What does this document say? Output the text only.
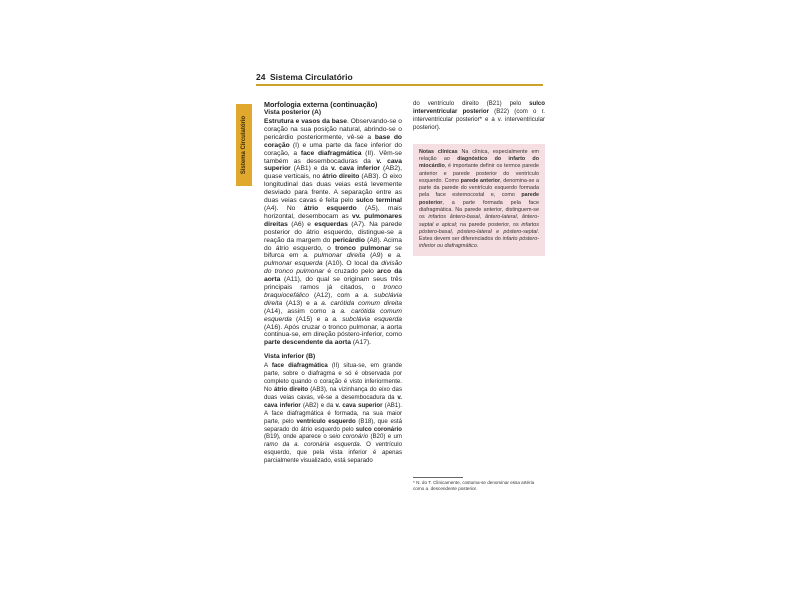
24 Sistema Circulatório
Sistema Circulatório
Morfologia externa (continuação)
Vista posterior (A)

Estrutura e vasos da base. Observando-se o coração na sua posição natural, abrindo-se o pericárdio posteriormente, vê-se a base do coração (I) e uma parte da face inferior do coração, a face diafragmática (II). Vêm-se também as desembocaduras da v. cava superior (AB1) e da v. cava inferior (AB2), quase verticais, no átrio direito (AB3). O eixo longitudinal das duas veias está levemente desviado para frente. A separação entre as duas veias cavas é feita pelo sulco terminal (A4). No átrio esquerdo (A5), mais horizontal, desembocam as vv. pulmonares direitas (A6) e esquerdas (A7). Na parede posterior do átrio esquerdo, distingue-se a reação da margem do pericárdio (A8). Acima do átrio esquerdo, o tronco pulmonar se bifurca em a. pulmonar direita (A9) e a. pulmonar esquerda (A10). O local da divisão do tronco pulmonar é cruzado pelo arco da aorta (A11), do qual se originam seus três principais ramos já citados, o tronco braquiocefálico (A12), com a a. subclávia direita (A13) e a a. carótida comum direita (A14), assim como a a. carótida comum esquerda (A15) e a a. subclávia esquerda (A16). Após cruzar o tronco pulmonar, a aorta continua-se, em direção póstero-inferior, como parte descendente da aorta (A17).

Vista inferior (B)

A face diafragmática (II) situa-se, em grande parte, sobre o diafragma e só é observada por completo quando o coração é visto inferiormente. No átrio direito (AB3), na vizinhança do eixo das duas veias cavas, vê-se a desembocadura da v. cava inferior (AB2) e da v. cava superior (AB1). A face diafragmática é formada, na sua maior parte, pelo ventrículo esquerdo (B18), que está separado do átrio esquerdo pelo sulco coronário (B19), onde aparece o seio coronário (B20) e um ramo da a. coronária esquerda. O ventrículo esquerdo, que pela vista inferior é apenas parcialmente visualizado, está separado

do ventrículo direito (B21) pelo sulco interventricular posterior (B22) (com o r. interventricular posterior* e a v. interventricular posterior).

Notas clínicas Na clínica, especialmente em relação ao diagnóstico do infarto do miocárdio, é importante definir os termos parede anterior e parede posterior do ventrículo esquerdo. Como parede anterior, denomina-se a parte da parede do ventrículo esquerdo formada pela face esternocostal e, como parede posterior, a parte formada pela face diafragmática. Na parede anterior, distinguem-se os infartos ântero-basal, ântero-lateral, ântero-septal e apical; na parede posterior, os infartos póstero-basal, póstero-lateral e póstero-septal. Estes devem ser diferenciados do infarto póstero-inferior ou diafragmático.

* N. do T. Clinicamente, costuma-se denominar essa artéria como a. descendente posterior.
